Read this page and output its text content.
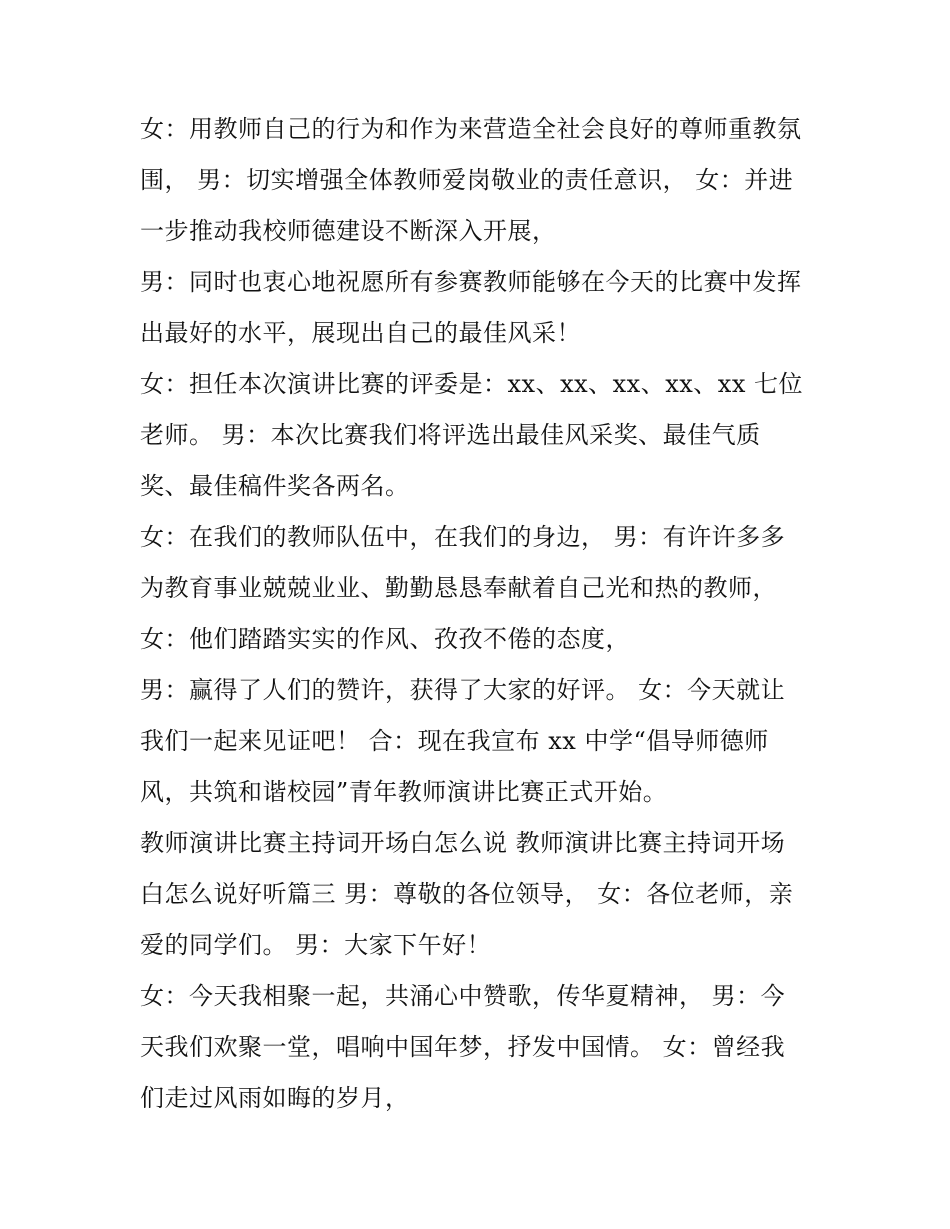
女：用教师自己的行为和作为来营造全社会良好的尊师重教氛
围， 男：切实增强全体教师爱岗敬业的责任意识， 女：并进
一步推动我校师德建设不断深入开展，
男：同时也衷心地祝愿所有参赛教师能够在今天的比赛中发挥
出最好的水平，展现出自己的最佳风采！
女：担任本次演讲比赛的评委是：xx、xx、xx、xx、xx 七位
老师。 男：本次比赛我们将评选出最佳风采奖、最佳气质
奖、最佳稿件奖各两名。
女：在我们的教师队伍中，在我们的身边， 男：有许许多多
为教育事业兢兢业业、勤勤恳恳奉献着自己光和热的教师，
女：他们踏踏实实的作风、孜孜不倦的态度，
男：赢得了人们的赞许，获得了大家的好评。 女：今天就让
我们一起来见证吧！ 合：现在我宣布 xx 中学“倡导师德师
风，共筑和谐校园”青年教师演讲比赛正式开始。
教师演讲比赛主持词开场白怎么说 教师演讲比赛主持词开场
白怎么说好听篇三 男：尊敬的各位领导， 女：各位老师，亲
爱的同学们。 男：大家下午好！
女：今天我相聚一起，共涌心中赞歌，传华夏精神， 男：今
天我们欢聚一堂，唱响中国年梦，抒发中国情。 女：曾经我
们走过风雨如晦的岁月，
